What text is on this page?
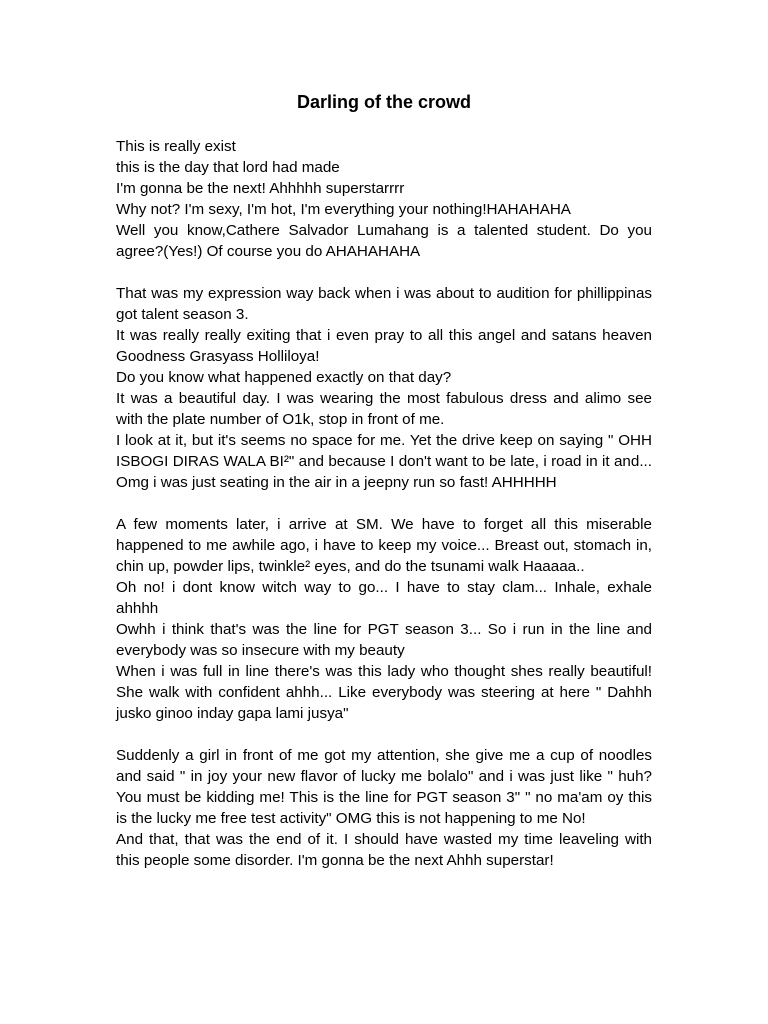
Darling of the crowd

This is really exist

this is the day that lord had made

I'm gonna be the next! Ahhhhh superstarrrr

Why not? I'm sexy, I'm hot, I'm everything your nothing!HAHAHAHA

Well you know,Cathere Salvador Lumahang is a talented student. Do you agree?(Yes!) Of course you do AHAHAHAHA

That was my expression way back when i was about to audition for phillippinas got talent season 3.

It was really really exiting that i even pray to all this angel and satans heaven Goodness Grasyass Holliloya!

Do you know what happened exactly on that day?

It was a beautiful day. I was wearing the most fabulous dress and alimo see with the plate number of O1k, stop in front of me.

I look at it, but it's seems no space for me. Yet the drive keep on saying " OHH ISBOGI DIRAS WALA BI²" and because I don't want to be late, i road in it and... Omg i was just seating in the air in a jeepny run so fast! AHHHHH

A few moments later, i arrive at SM. We have to forget all this miserable happened to me awhile ago, i have to keep my voice... Breast out, stomach in, chin up, powder lips, twinkle² eyes, and do the tsunami walk Haaaaa..

Oh no! i dont know witch way to go... I have to stay clam... Inhale, exhale ahhhh

Owhh i think that's was the line for PGT season 3... So i run in the line and everybody was so insecure with my beauty

When i was full in line there's was this lady who thought shes really beautiful! She walk with confident ahhh... Like everybody was steering at here " Dahhh jusko ginoo inday gapa lami jusya"

Suddenly a girl in front of me got my attention, she give me a cup of noodles and said " in joy your new flavor of lucky me bolalo" and i was just like " huh? You must be kidding me! This is the line for PGT season 3" " no ma'am oy this is the lucky me free test activity" OMG this is not happening to me No!

And that, that was the end of it. I should have wasted my time leaveling with this people some disorder. I'm gonna be the next Ahhh superstar!
